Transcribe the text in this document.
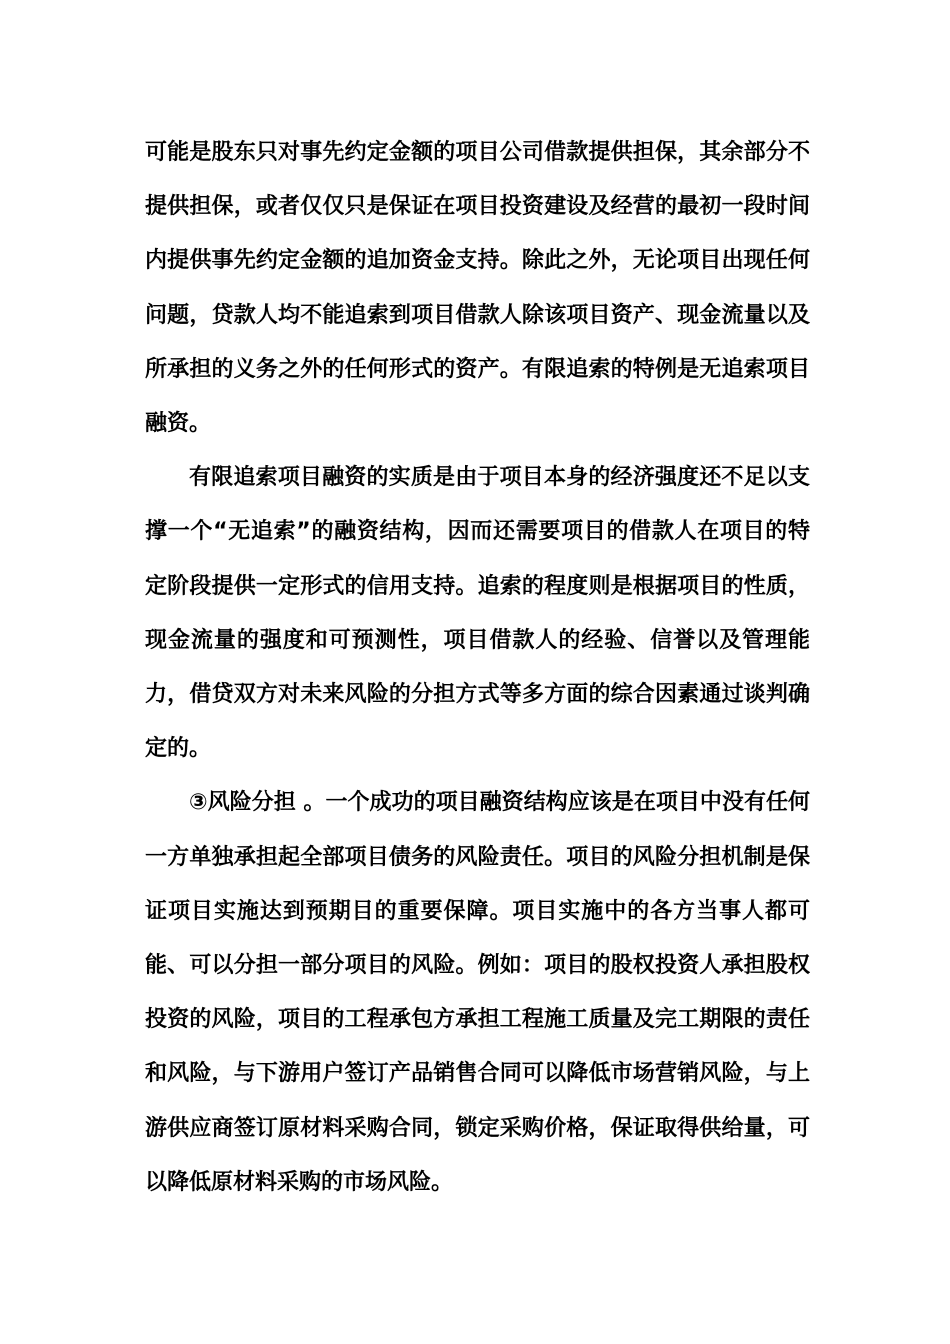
可能是股东只对事先约定金额的项目公司借款提供担保，其余部分不提供担保，或者仅仅只是保证在项目投资建设及经营的最初一段时间内提供事先约定金额的追加资金支持。除此之外，无论项目出现任何问题，贷款人均不能追索到项目借款人除该项目资产、现金流量以及所承担的义务之外的任何形式的资产。有限追索的特例是无追索项目融资。

有限追索项目融资的实质是由于项目本身的经济强度还不足以支撑一个“无追索”的融资结构，因而还需要项目的借款人在项目的特定阶段提供一定形式的信用支持。追索的程度则是根据项目的性质，现金流量的强度和可预测性，项目借款人的经验、信誉以及管理能力，借贷双方对未来风险的分担方式等多方面的综合因素通过谈判确定的。

③风险分担 。一个成功的项目融资结构应该是在项目中没有任何一方单独承担起全部项目债务的风险责任。项目的风险分担机制是保证项目实施达到预期目的重要保障。项目实施中的各方当事人都可能、可以分担一部分项目的风险。例如：项目的股权投资人承担股权投资的风险，项目的工程承包方承担工程施工质量及完工期限的责任和风险，与下游用户签订产品销售合同可以降低市场营销风险，与上 游供应商签订原材料采购合同，锁定采购价格，保证取得供给量，可 以降低原材料采购的市场风险。
